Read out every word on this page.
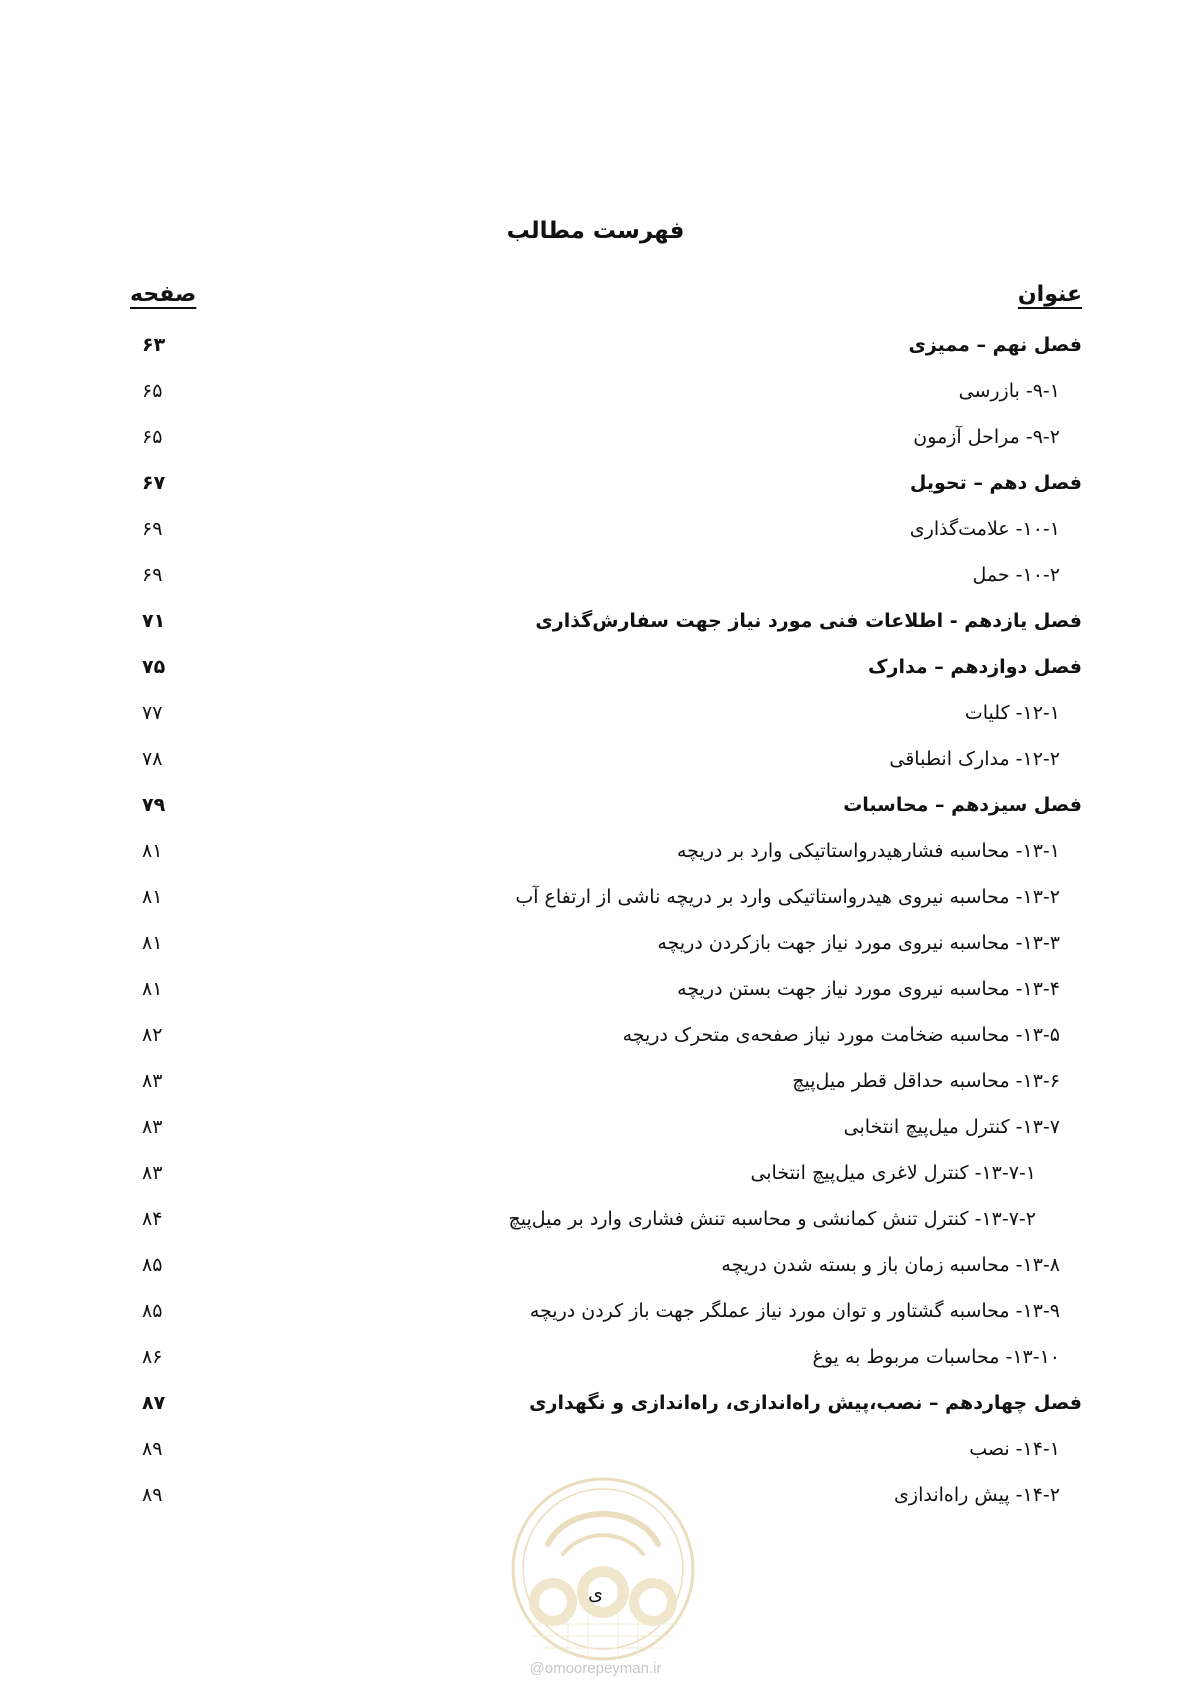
فهرست مطالب
عنوان
صفحه
فصل نهم – ممیزی
۶۳
۹-۱- بازرسی
۶۵
۹-۲- مراحل آزمون
۶۵
فصل دهم – تحویل
۶۷
۱۰-۱- علامت‌گذاری
۶۹
۱۰-۲- حمل
۶۹
فصل یازدهم - اطلاعات فنی مورد نیاز جهت سفارش‌گذاری
۷۱
فصل دوازدهم – مدارک
۷۵
۱۲-۱- کلیات
۷۷
۱۲-۲- مدارک انطباقی
۷۸
فصل سیزدهم – محاسبات
۷۹
۱۳-۱- محاسبه فشارهیدرواستاتیکی وارد بر دریچه
۸۱
۱۳-۲- محاسبه نیروی هیدرواستاتیکی وارد بر دریچه ناشی از ارتفاع آب
۸۱
۱۳-۳- محاسبه نیروی مورد نیاز جهت بازکردن دریچه
۸۱
۱۳-۴- محاسبه نیروی مورد نیاز جهت بستن دریچه
۸۱
۱۳-۵- محاسبه ضخامت مورد نیاز صفحه‌ی متحرک دریچه
۸۲
۱۳-۶- محاسبه حداقل قطر میل‌پیچ
۸۳
۱۳-۷- کنترل میل‌پیچ انتخابی
۸۳
۱۳-۷-۱- کنترل لاغری میل‌پیچ انتخابی
۸۳
۱۳-۷-۲- کنترل تنش کمانشی و محاسبه تنش فشاری وارد بر میل‌پیچ
۸۴
۱۳-۸- محاسبه زمان باز و بسته شدن دریچه
۸۵
۱۳-۹- محاسبه گشتاور و توان مورد نیاز عملگر جهت باز کردن دریچه
۸۵
۱۳-۱۰- محاسبات مربوط به یوغ
۸۶
فصل چهاردهم – نصب،پیش راه‌اندازی، راه‌اندازی و نگهداری
۸۷
۱۴-۱- نصب
۸۹
۱۴-۲- پیش راه‌اندازی
۸۹
ی
@omoorepeyman.ir
